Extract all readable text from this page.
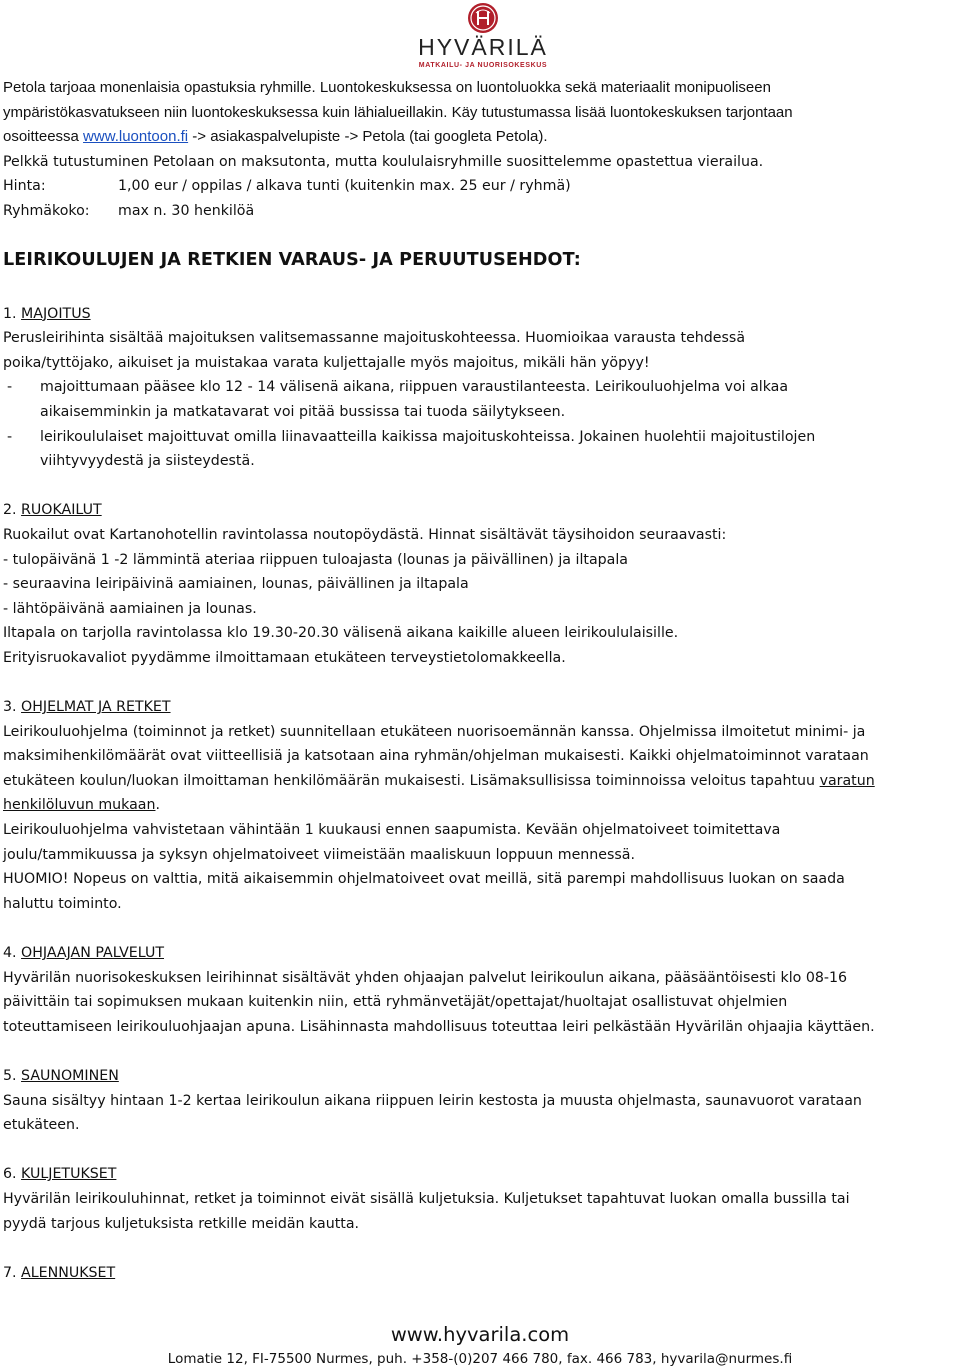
HYVÄRILÄ
MATKAILU- JA NUORISOKESKUS

Petola tarjoaa monenlaisia opastuksia ryhmille. Luontokeskuksessa on luontoluokka sekä materiaalit monipuoliseen

ympäristökasvatukseen niin luontokeskuksessa kuin lähialueillakin. Käy tutustumassa lisää luontokeskuksen tarjontaan

osoitteessa www.luontoon.fi -> asiakaspalvelupiste -> Petola (tai googleta Petola).

Pelkkä tutustuminen Petolaan on maksutonta, mutta koululaisryhmille suosittelemme opastettua vierailua.

Hinta:	1,00 eur / oppilas / alkava tunti (kuitenkin max. 25 eur / ryhmä)

Ryhmäkoko: max n. 30 henkilöä

LEIRIKOULUJEN JA RETKIEN VARAUS- JA PERUUTUSEHDOT:

1. MAJOITUS

Perusleirihinta sisältää majoituksen valitsemassanne majoituskohteessa. Huomioikaa varausta tehdessä

poika/tyttöjako, aikuiset ja muistakaa varata kuljettajalle myös majoitus, mikäli hän yöpyy!

- majoittumaan pääsee klo 12 - 14 välisenä aikana, riippuen varaustilanteesta. Leirikouluohjelma voi alkaa

aikaisemminkin ja matkatavarat voi pitää bussissa tai tuoda säilytykseen.

- leirikoululaiset majoittuvat omilla liinavaatteilla kaikissa majoituskohteissa. Jokainen huolehtii majoitustilojen

viihtyvyydestä ja siisteydestä.

2. RUOKAILUT

Ruokailut ovat Kartanohotellin ravintolassa noutopöydästä. Hinnat sisältävät täysihoidon seuraavasti:

- tulopäivänä 1 -2 lämmintä ateriaa riippuen tuloajasta (lounas ja päivällinen) ja iltapala

- seuraavina leiripäivinä aamiainen, lounas, päivällinen ja iltapala

- lähtöpäivänä aamiainen ja lounas.

Iltapala on tarjolla ravintolassa klo 19.30-20.30 välisenä aikana kaikille alueen leirikoululaisille.

Erityisruokavaliot pyydämme ilmoittamaan etukäteen terveystietolomakkeella.

3. OHJELMAT JA RETKET

Leirikouluohjelma (toiminnot ja retket) suunnitellaan etukäteen nuorisoemännän kanssa. Ohjelmissa ilmoitetut minimi- ja

maksimihenkilömäärät ovat viitteellisiä ja katsotaan aina ryhmän/ohjelman mukaisesti. Kaikki ohjelmatoiminnot varataan

etukäteen koulun/luokan ilmoittaman henkilömäärän mukaisesti. Lisämaksullisissa toiminnoissa veloitus tapahtuu varatun

henkilöluvun mukaan.

Leirikouluohjelma vahvistetaan vähintään 1 kuukausi ennen saapumista. Kevään ohjelmatoiveet toimitettava

joulu/tammikuussa ja syksyn ohjelmatoiveet viimeistään maaliskuun loppuun mennessä.

HUOMIO! Nopeus on valttia, mitä aikaisemmin ohjelmatoiveet ovat meillä, sitä parempi mahdollisuus luokan on saada

haluttu toiminto.

4. OHJAAJAN PALVELUT

Hyvärilän nuorisokeskuksen leirihinnat sisältävät yhden ohjaajan palvelut leirikoulun aikana, pääsääntöisesti klo 08-16

päivittäin tai sopimuksen mukaan kuitenkin niin, että ryhmänvetäjät/opettajat/huoltajat osallistuvat ohjelmien

toteuttamiseen leirikouluohjaajan apuna. Lisähinnasta mahdollisuus toteuttaa leiri pelkästään Hyvärilän ohjaajia käyttäen.

5. SAUNOMINEN

Sauna sisältyy hintaan 1-2 kertaa leirikoulun aikana riippuen leirin kestosta ja muusta ohjelmasta, saunavuorot varataan

etukäteen.

6. KULJETUKSET

Hyvärilän leirikouluhinnat, retket ja toiminnot eivät sisällä kuljetuksia. Kuljetukset tapahtuvat luokan omalla bussilla tai

pyydä tarjous kuljetuksista retkille meidän kautta.

7. ALENNUKSET

www.hyvarila.com
Lomatie 12, FI-75500 Nurmes, puh. +358-(0)207 466 780, fax. 466 783, hyvarila@nurmes.fi
